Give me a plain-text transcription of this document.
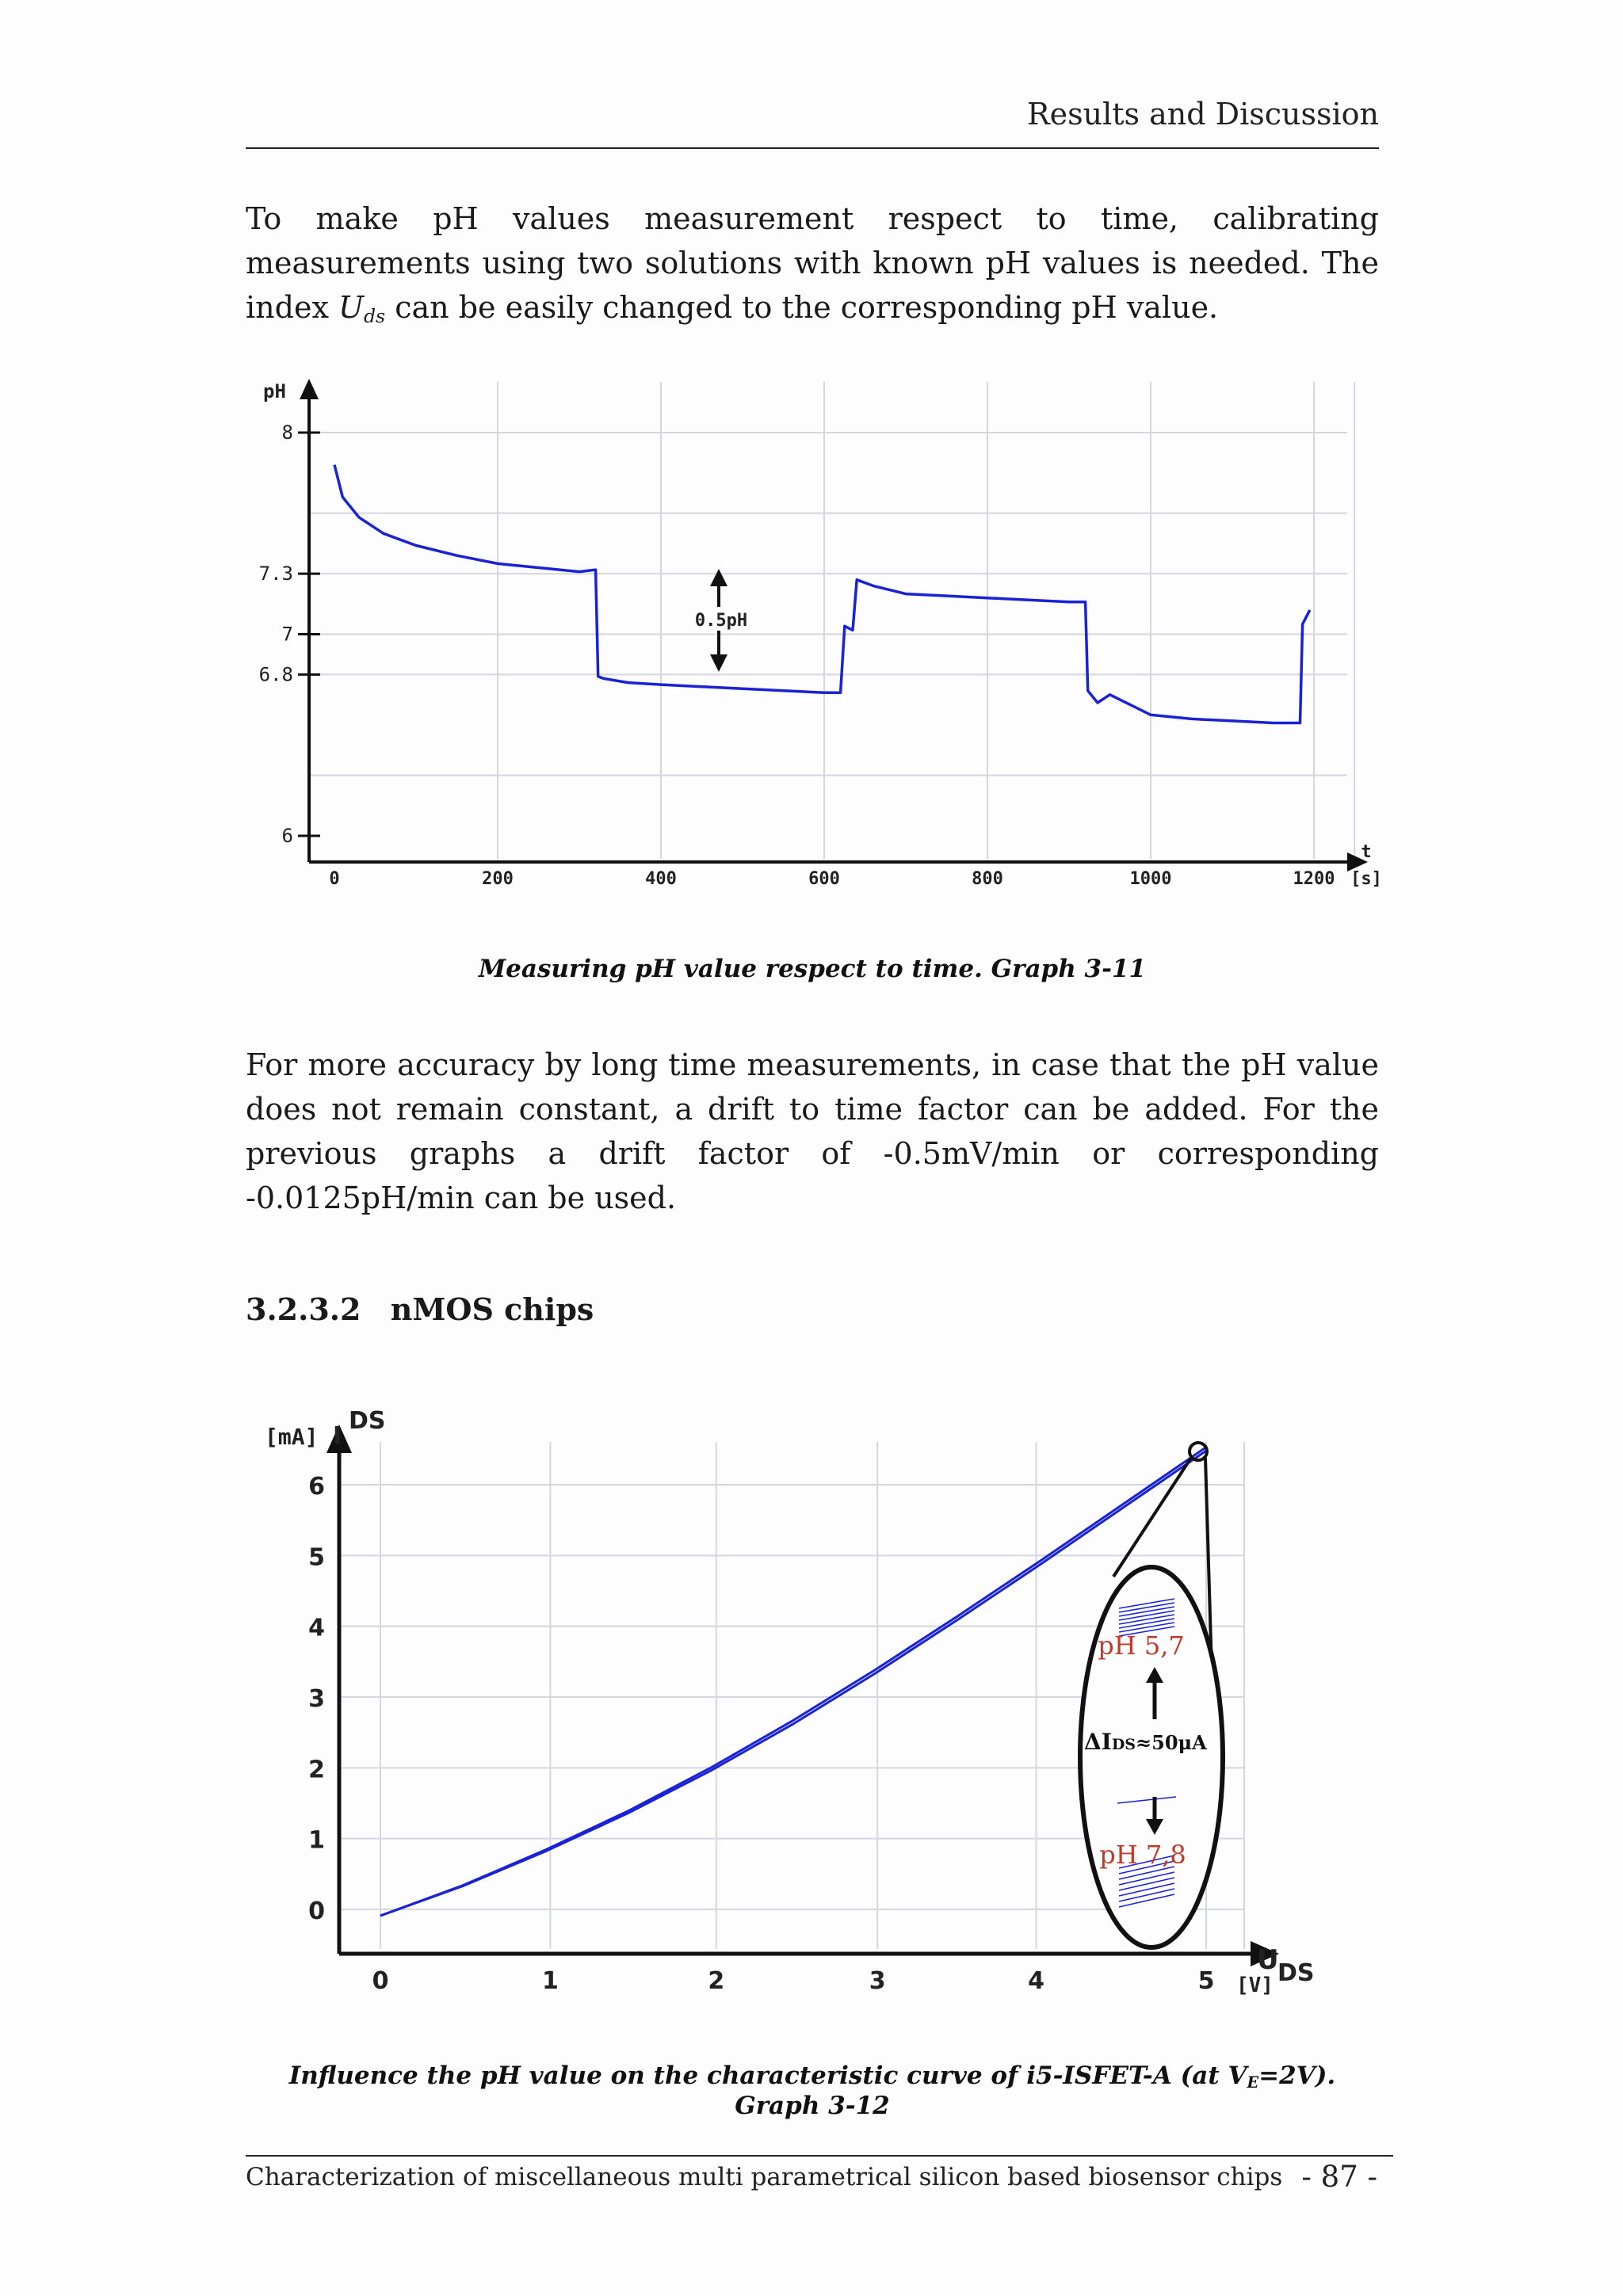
Results and Discussion
To make pH values measurement respect to time, calibrating measurements using two solutions with known pH values is needed. The index $U_{ds}$ can be easily changed to the corresponding pH value.
8
7.3
7
6.8
6
pH
0	200	400	600	800	1000	1200
t
[s]
0.5pH
Measuring pH value respect to time. Graph 3-11
For more accuracy by long time measurements, in case that the pH value does not remain constant, a drift to time factor can be added. For the previous graphs a drift factor of -0.5mV/min or corresponding -0.0125pH/min can be used.
3.2.3.2 nMOS chips
0
1
2
3
4
5
6
0	1	2	3	4	5
I
DS
[mA]
U
DS
[V]
pH 5,7
pH 7,8
ΔIDS≈50μA
Influence the pH value on the characteristic curve of i5-ISFET-A (at $V_E=2V$). Graph 3-12
Characterization of miscellaneous multi parametrical silicon based biosensor chips - 87 -
